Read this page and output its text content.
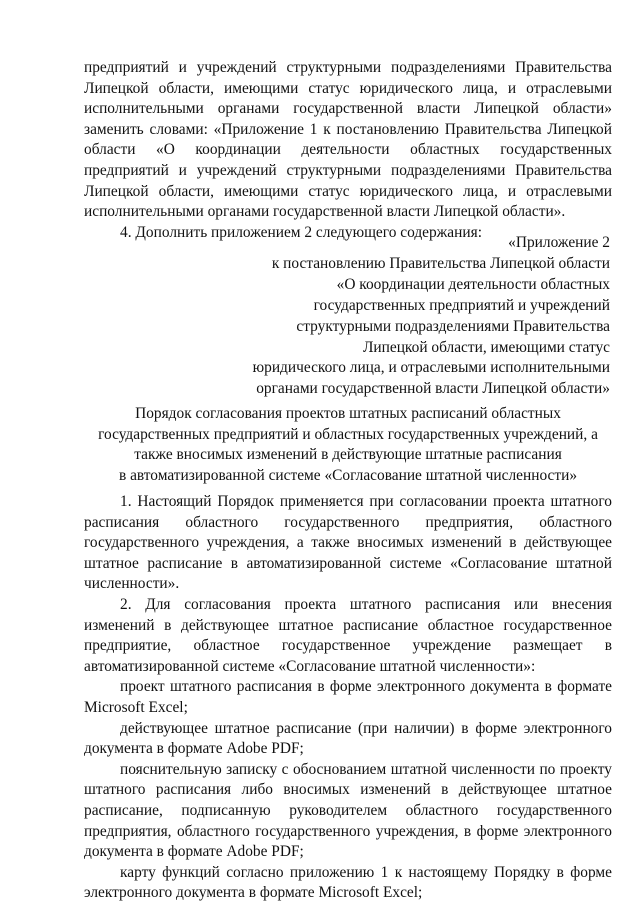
предприятий и учреждений структурными подразделениями Правительства Липецкой области, имеющими статус юридического лица, и отраслевыми исполнительными органами государственной власти Липецкой области» заменить словами: «Приложение 1 к постановлению Правительства Липецкой области «О координации деятельности областных государственных предприятий и учреждений структурными подразделениями Правительства Липецкой области, имеющими статус юридического лица, и отраслевыми исполнительными органами государственной власти Липецкой области».

4. Дополнить приложением 2 следующего содержания:

«Приложение 2
к постановлению Правительства Липецкой области
«О координации деятельности областных
государственных предприятий и учреждений
структурными подразделениями Правительства
Липецкой области, имеющими статус
юридического лица, и отраслевыми исполнительными
органами государственной власти Липецкой области»
Порядок согласования проектов штатных расписаний областных
государственных предприятий и областных государственных учреждений, а
также вносимых изменений в действующие штатные расписания
в автоматизированной системе «Согласование штатной численности»

1. Настоящий Порядок применяется при согласовании проекта штатного расписания областного государственного предприятия, областного государственного учреждения, а также вносимых изменений в действующее штатное расписание в автоматизированной системе «Согласование штатной численности».

2. Для согласования проекта штатного расписания или внесения изменений в действующее штатное расписание областное государственное предприятие, областное государственное учреждение размещает в автоматизированной системе «Согласование штатной численности»:

проект штатного расписания в форме электронного документа в формате Microsoft Excel;

действующее штатное расписание (при наличии) в форме электронного документа в формате Adobe PDF;

пояснительную записку с обоснованием штатной численности по проекту штатного расписания либо вносимых изменений в действующее штатное расписание, подписанную руководителем областного государственного предприятия, областного государственного учреждения, в форме электронного документа в формате Adobe PDF;

карту функций согласно приложению 1 к настоящему Порядку в форме электронного документа в формате Microsoft Excel;
